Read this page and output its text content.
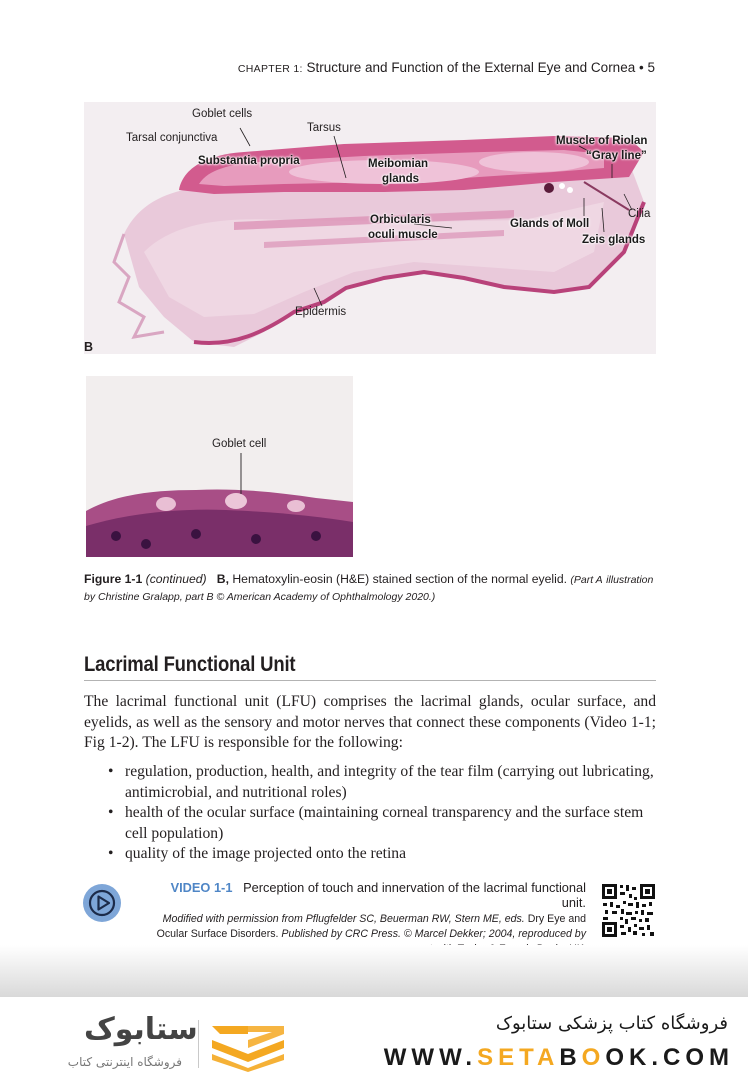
CHAPTER 1: Structure and Function of the External Eye and Cornea • 5
Goblet cells
Tarsal conjunctiva
Tarsus
Substantia propria	Meibomian
glands
Muscle of Riolan
“Gray line”
Cilia
Orbicularis
oculi muscle
Glands of Moll
Zeis glands
Epidermis
B
Goblet cell
Figure 1-1 (continued) B, Hematoxylin-eosin (H&E) stained section of the normal eyelid. (Part A illustration by Christine Gralapp, part B © American Academy of Ophthalmology 2020.)
Lacrimal Functional Unit
The lacrimal functional unit (LFU) comprises the lacrimal glands, ocular surface, and eyelids, as well as the sensory and motor nerves that connect these components (Video 1-1; Fig 1-2). The LFU is responsible for the following:
• regulation, production, health, and integrity of the tear film (carrying out lubricating, antimicrobial, and nutritional roles)
• health of the ocular surface (maintaining corneal transparency and the surface stem cell population)
• quality of the image projected onto the retina
VIDEO 1-1 Perception of touch and innervation of the lacrimal functional unit.
Modified with permission from Pflugfelder SC, Beuerman RW, Stern ME, eds. Dry Eye and Ocular Surface Disorders. Published by CRC Press. © Marcel Dekker; 2004, reproduced by
ستابوک
فروشگاه اینترنتی کتاب
فروشگاه کتاب پزشکی ستابوک
WWW.SETABOOK.COM
